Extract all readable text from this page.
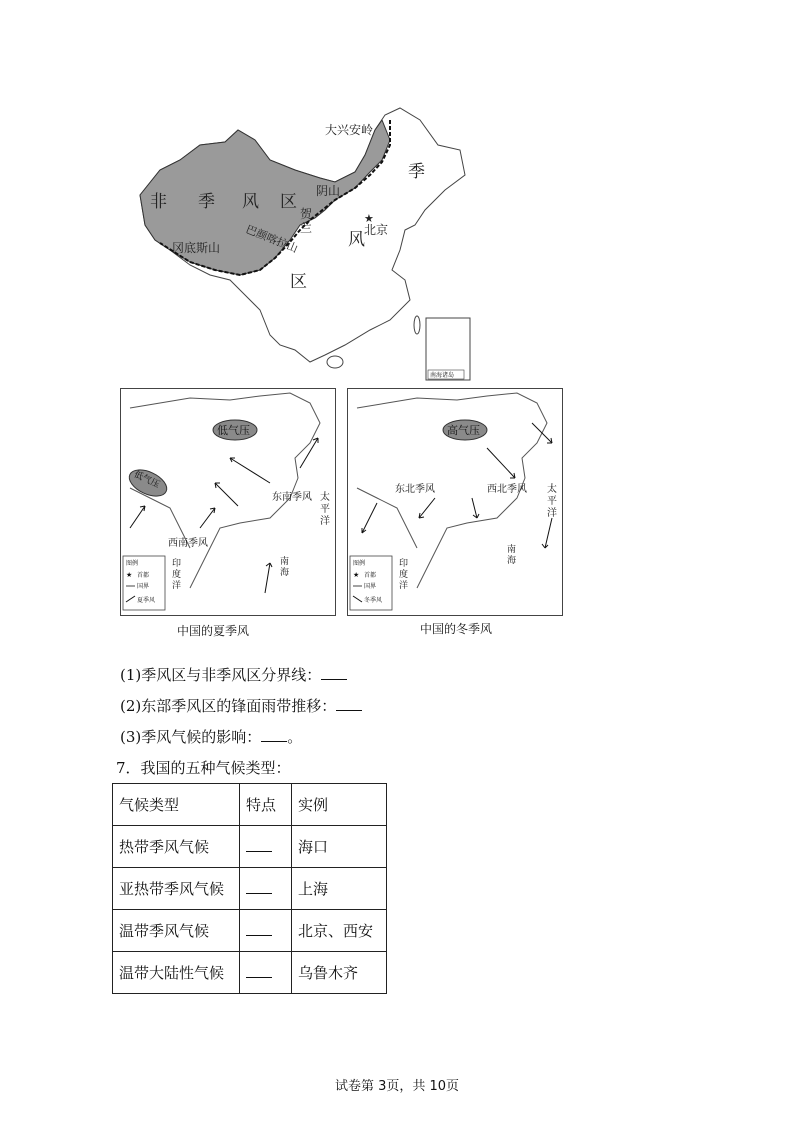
南海诸岛
大兴安岭
非 季 风 区
季
风
区
阴山
贺
兰
巴颜喀拉山
冈底斯山
★
北京
低气压
低气压
东南季风
西南季风
太
平
洋
印
度
洋
南
海
图例
★ 首都
国界
夏季风
中国的夏季风
高气压
东北季风	西北季风 太
平
洋
印
度
洋
南
海
图例
★ 首都
国界
冬季风
中国的冬季风
(1)季风区与非季风区分界线：
(2)东部季风区的锋面雨带推移：
(3)季风气候的影响： 。
7．我国的五种气候类型：
气候类型	特点	实例
热带季风气候		海口
亚热带季风气候		上海
温带季风气候		北京、西安
温带大陆性气候		乌鲁木齐
试卷第 3页，共 10页
